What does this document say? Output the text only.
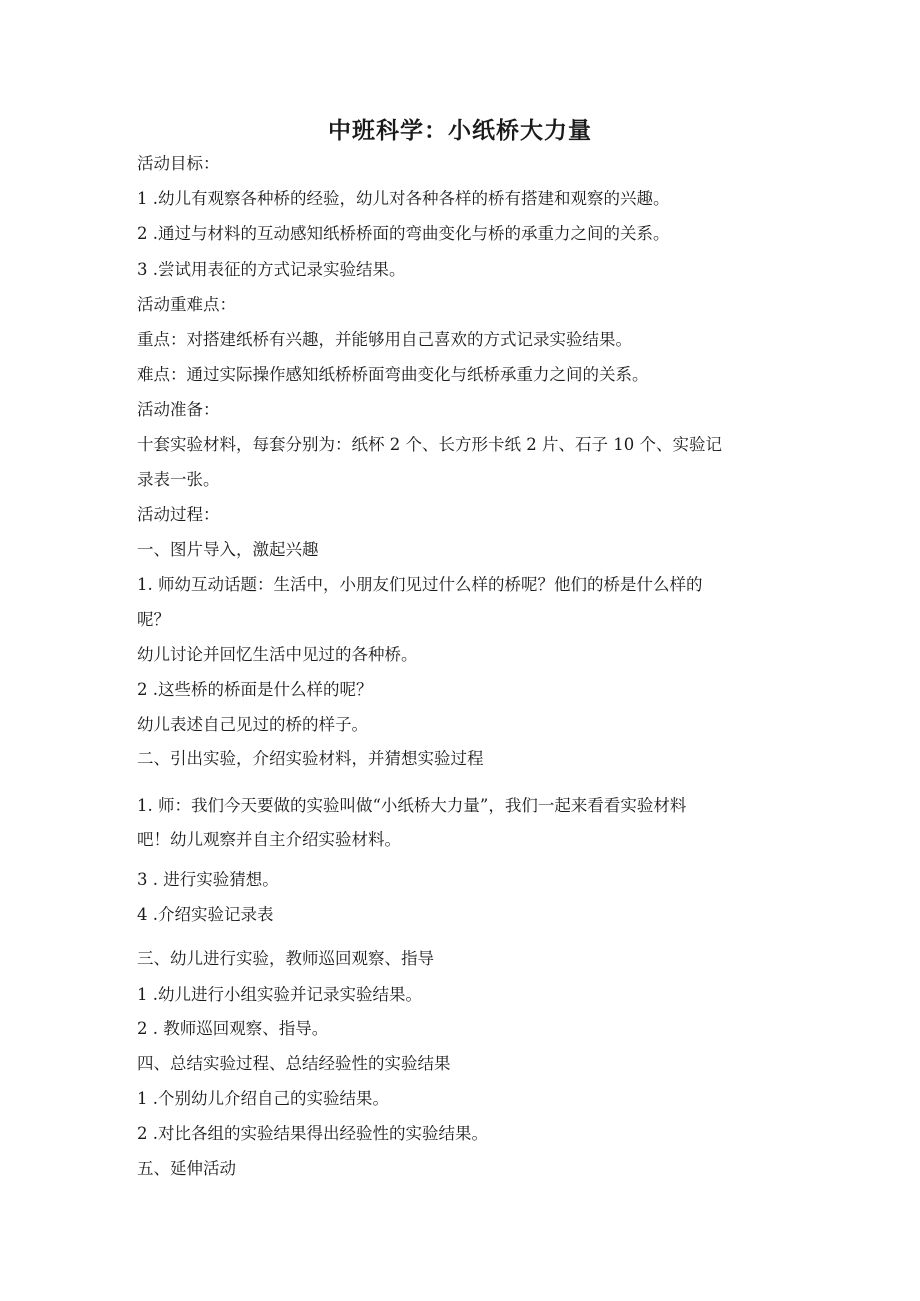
中班科学：小纸桥大力量
活动目标：
1 .幼儿有观察各种桥的经验，幼儿对各种各样的桥有搭建和观察的兴趣。
2 .通过与材料的互动感知纸桥桥面的弯曲变化与桥的承重力之间的关系。
3 .尝试用表征的方式记录实验结果。
活动重难点：
重点：对搭建纸桥有兴趣，并能够用自己喜欢的方式记录实验结果。
难点：通过实际操作感知纸桥桥面弯曲变化与纸桥承重力之间的关系。
活动准备：
十套实验材料，每套分别为：纸杯 2 个、长方形卡纸 2 片、石子 10 个、实验记
录表一张。
活动过程：
一、图片导入，激起兴趣
1. 师幼互动话题：生活中，小朋友们见过什么样的桥呢？他们的桥是什么样的
呢？
幼儿讨论并回忆生活中见过的各种桥。
2 .这些桥的桥面是什么样的呢？
幼儿表述自己见过的桥的样子。
二、引出实验，介绍实验材料，并猜想实验过程
1. 师：我们今天要做的实验叫做“小纸桥大力量”，我们一起来看看实验材料
吧！幼儿观察并自主介绍实验材料。
3 . 进行实验猜想。
4 .介绍实验记录表
三、幼儿进行实验，教师巡回观察、指导
1 .幼儿进行小组实验并记录实验结果。
2 . 教师巡回观察、指导。
四、总结实验过程、总结经验性的实验结果
1 .个别幼儿介绍自己的实验结果。
2 .对比各组的实验结果得出经验性的实验结果。
五、延伸活动
